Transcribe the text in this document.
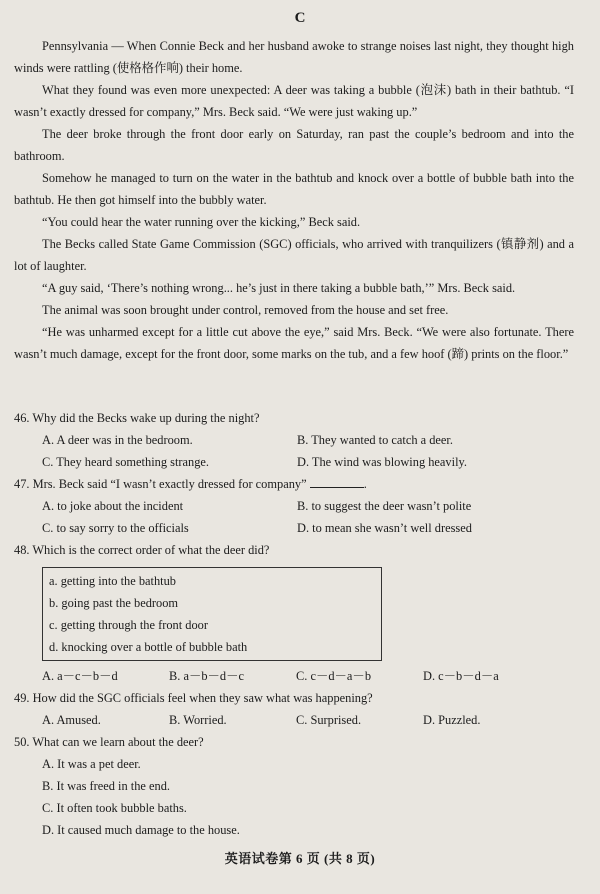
C

Pennsylvania — When Connie Beck and her husband awoke to strange noises last night, they thought high winds were rattling (使格格作响) their home.

What they found was even more unexpected: A deer was taking a bubble (泡沫) bath in their bathtub. “I wasn’t exactly dressed for company,” Mrs. Beck said. “We were just waking up.”

The deer broke through the front door early on Saturday, ran past the couple’s bedroom and into the bathroom.

Somehow he managed to turn on the water in the bathtub and knock over a bottle of bubble bath into the bathtub. He then got himself into the bubbly water.

“You could hear the water running over the kicking,” Beck said.

The Becks called State Game Commission (SGC) officials, who arrived with tranquilizers (镇静剂) and a lot of laughter.

“A guy said, ‘There’s nothing wrong... he’s just in there taking a bubble bath,’” Mrs. Beck said.

The animal was soon brought under control, removed from the house and set free.

“He was unharmed except for a little cut above the eye,” said Mrs. Beck. “We were also fortunate. There wasn’t much damage, except for the front door, some marks on the tub, and a few hoof (蹄) prints on the floor.”

46. Why did the Becks wake up during the night?

A. A deer was in the bedroom.	B. They wanted to catch a deer.
C. They heard something strange.	D. The wind was blowing heavily.

47. Mrs. Beck said “I wasn’t exactly dressed for company”	.

A. to joke about the incident	B. to suggest the deer wasn’t polite
C. to say sorry to the officials	D. to mean she wasn’t well dressed

48. Which is the correct order of what the deer did?

a. getting into the bathtub
b. going past the bedroom
c. getting through the front door
d. knocking over a bottle of bubble bath
A. a－c－b－d	B. a－b－d－c	C. c－d－a－b	D. c－b－d－a

49. How did the SGC officials feel when they saw what was happening?

A. Amused.	B. Worried.	C. Surprised.	D. Puzzled.

50. What can we learn about the deer?

A. It was a pet deer.
B. It was freed in the end.
C. It often took bubble baths.
D. It caused much damage to the house.
英语试卷第 6 页 (共 8 页)
